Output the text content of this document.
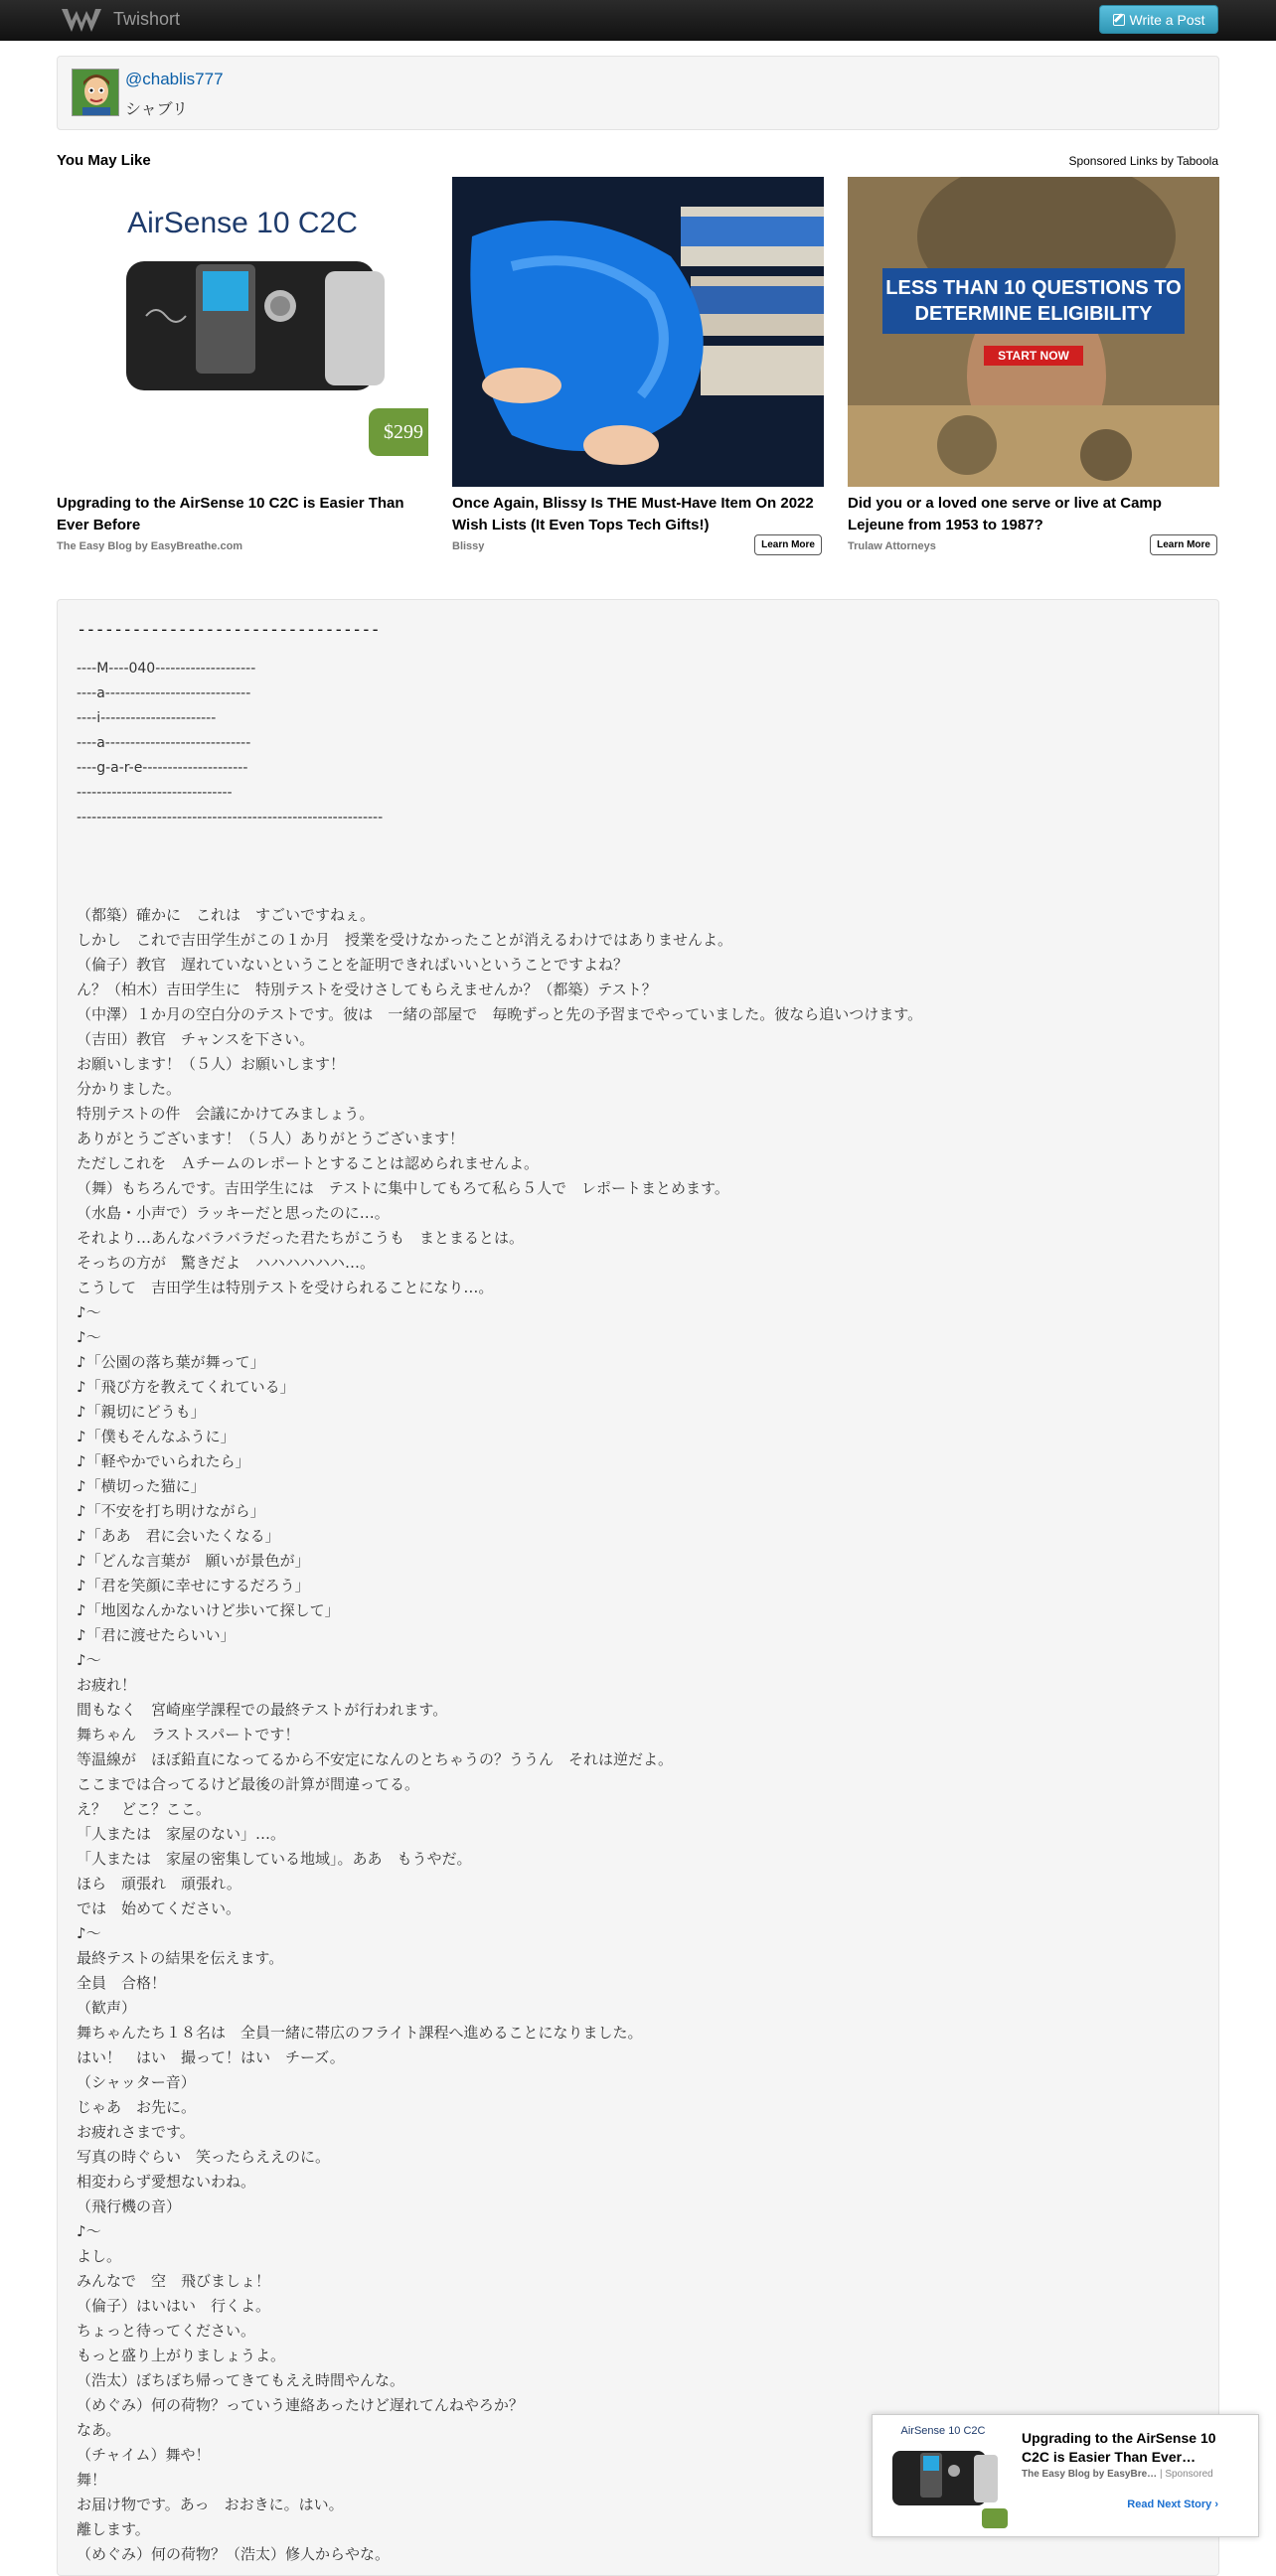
Twishort	Write a Post
@chablis777
シャブリ
You May Like	Sponsored Links by Taboola
AirSense 10 C2C
$299
Upgrading to the AirSense 10 C2C is Easier Than Ever Before
The Easy Blog by EasyBreathe.com
Once Again, Blissy Is THE Must-Have Item On 2022 Wish Lists (It Even Tops Tech Gifts!)
Blissy	Learn More
LESS THAN 10 QUESTIONS TO DETERMINE ELIGIBILITY
START NOW
Did you or a loved one serve or live at Camp Lejeune from 1953 to 1987?
Trulaw Attorneys	Learn More
---------------------------------
----M----040--------------------
----a-----------------------------
----i-----------------------
----a-----------------------------
----g-a-r-e---------------------
-------------------------------
-------------------------------------------------------------
（都築）確かに　これは　すごいですねぇ。
しかし　これで吉田学生がこの１か月　授業を受けなかったことが消えるわけではありませんよ。
（倫子）教官　遅れていないということを証明できればいいということですよね？
ん？（柏木）吉田学生に　特別テストを受けさしてもらえませんか？（都築）テスト？
（中澤）１か月の空白分のテストです。彼は　一緒の部屋で　毎晩ずっと先の予習までやっていました。彼なら追いつけます。
（吉田）教官　チャンスを下さい。
お願いします！（５人）お願いします！
分かりました。
特別テストの件　会議にかけてみましょう。
ありがとうございます！（５人）ありがとうございます！
ただしこれを　Ａチームのレポートとすることは認められませんよ。
（舞）もちろんです。吉田学生には　テストに集中してもろて私ら５人で　レポートまとめます。
（水島・小声で）ラッキーだと思ったのに…。
それより…あんなバラバラだった君たちがこうも　まとまるとは。
そっちの方が　驚きだよ　ハハハハハハ…。
こうして　吉田学生は特別テストを受けられることになり…。
♪～
♪～
♪「公園の落ち葉が舞って」
♪「飛び方を教えてくれている」
♪「親切にどうも」
♪「僕もそんなふうに」
♪「軽やかでいられたら」
♪「横切った猫に」
♪「不安を打ち明けながら」
♪「ああ　君に会いたくなる」
♪「どんな言葉が　願いが景色が」
♪「君を笑顔に幸せにするだろう」
♪「地図なんかないけど歩いて探して」
♪「君に渡せたらいい」
♪～
お疲れ！
間もなく　宮崎座学課程での最終テストが行われます。
舞ちゃん　ラストスパートです！
等温線が　ほぼ鉛直になってるから不安定になんのとちゃうの？ううん　それは逆だよ。
ここまでは合ってるけど最後の計算が間違ってる。
え？　どこ？ここ。
「人または　家屋のない」…。
「人または　家屋の密集している地域」。ああ　もうやだ。
ほら　頑張れ　頑張れ。
では　始めてください。
♪～
最終テストの結果を伝えます。
全員　合格！
（歓声）
舞ちゃんたち１８名は　全員一緒に帯広のフライト課程へ進めることになりました。
はい！　はい　撮って！はい　チーズ。
（シャッター音）
じゃあ　お先に。
お疲れさまです。
写真の時ぐらい　笑ったらええのに。
相変わらず愛想ないわね。
（飛行機の音）
♪～
よし。
みんなで　空　飛びましょ！
（倫子）はいはい　行くよ。
ちょっと待ってください。
もっと盛り上がりましょうよ。
（浩太）ぼちぼち帰ってきてもええ時間やんな。
（めぐみ）何の荷物？っていう連絡あったけど遅れてんねやろか？
なあ。
（チャイム）舞や！
舞！
お届け物です。あっ　おおきに。はい。
離します。
（めぐみ）何の荷物？（浩太）修人からやな。
AirSense 10 C2C	Upgrading to the AirSense 10 C2C is Easier Than Ever…
The Easy Blog by EasyBre… | Sponsored
Read Next Story ›
